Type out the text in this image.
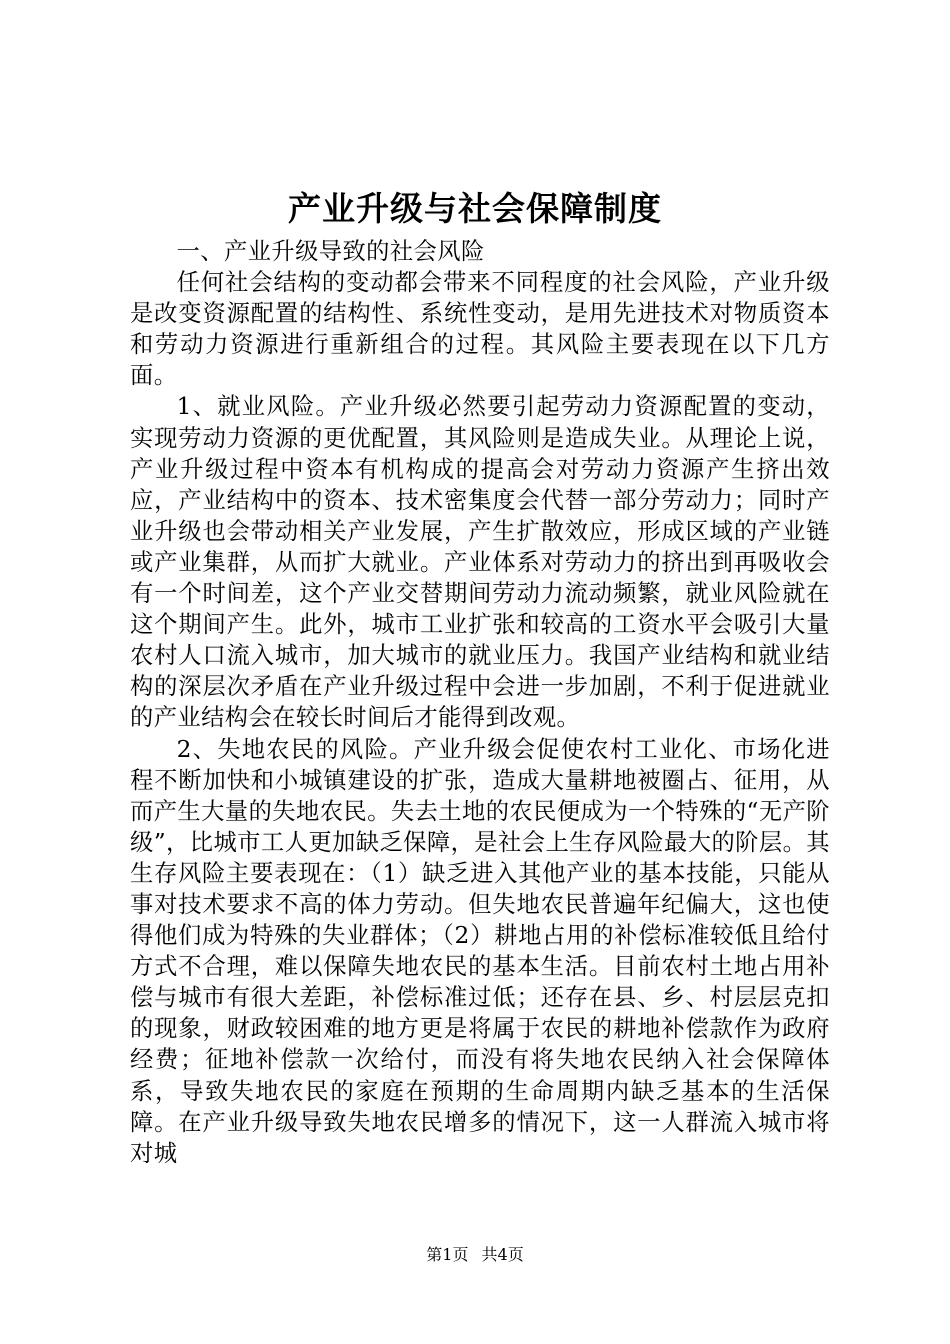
产业升级与社会保障制度

一、产业升级导致的社会风险

任何社会结构的变动都会带来不同程度的社会风险，产业升级是改变资源配置的结构性、系统性变动，是用先进技术对物质资本和劳动力资源进行重新组合的过程。其风险主要表现在以下几方面。

1、就业风险。产业升级必然要引起劳动力资源配置的变动，实现劳动力资源的更优配置，其风险则是造成失业。从理论上说，产业升级过程中资本有机构成的提高会对劳动力资源产生挤出效应，产业结构中的资本、技术密集度会代替一部分劳动力；同时产业升级也会带动相关产业发展，产生扩散效应，形成区域的产业链或产业集群，从而扩大就业。产业体系对劳动力的挤出到再吸收会有一个时间差，这个产业交替期间劳动力流动频繁，就业风险就在这个期间产生。此外，城市工业扩张和较高的工资水平会吸引大量农村人口流入城市，加大城市的就业压力。我国产业结构和就业结构的深层次矛盾在产业升级过程中会进一步加剧，不利于促进就业的产业结构会在较长时间后才能得到改观。

2、失地农民的风险。产业升级会促使农村工业化、市场化进程不断加快和小城镇建设的扩张，造成大量耕地被圈占、征用，从而产生大量的失地农民。失去土地的农民便成为一个特殊的“无产阶级”，比城市工人更加缺乏保障，是社会上生存风险最大的阶层。其生存风险主要表现在：（1）缺乏进入其他产业的基本技能，只能从事对技术要求不高的体力劳动。但失地农民普遍年纪偏大，这也使得他们成为特殊的失业群体；（2）耕地占用的补偿标准较低且给付方式不合理，难以保障失地农民的基本生活。目前农村土地占用补偿与城市有很大差距，补偿标准过低；还存在县、乡、村层层克扣的现象，财政较困难的地方更是将属于农民的耕地补偿款作为政府经费；征地补偿款一次给付，而没有将失地农民纳入社会保障体系，导致失地农民的家庭在预期的生命周期内缺乏基本的生活保障。在产业升级导致失地农民增多的情况下，这一人群流入城市将对城

第1页 共4页
